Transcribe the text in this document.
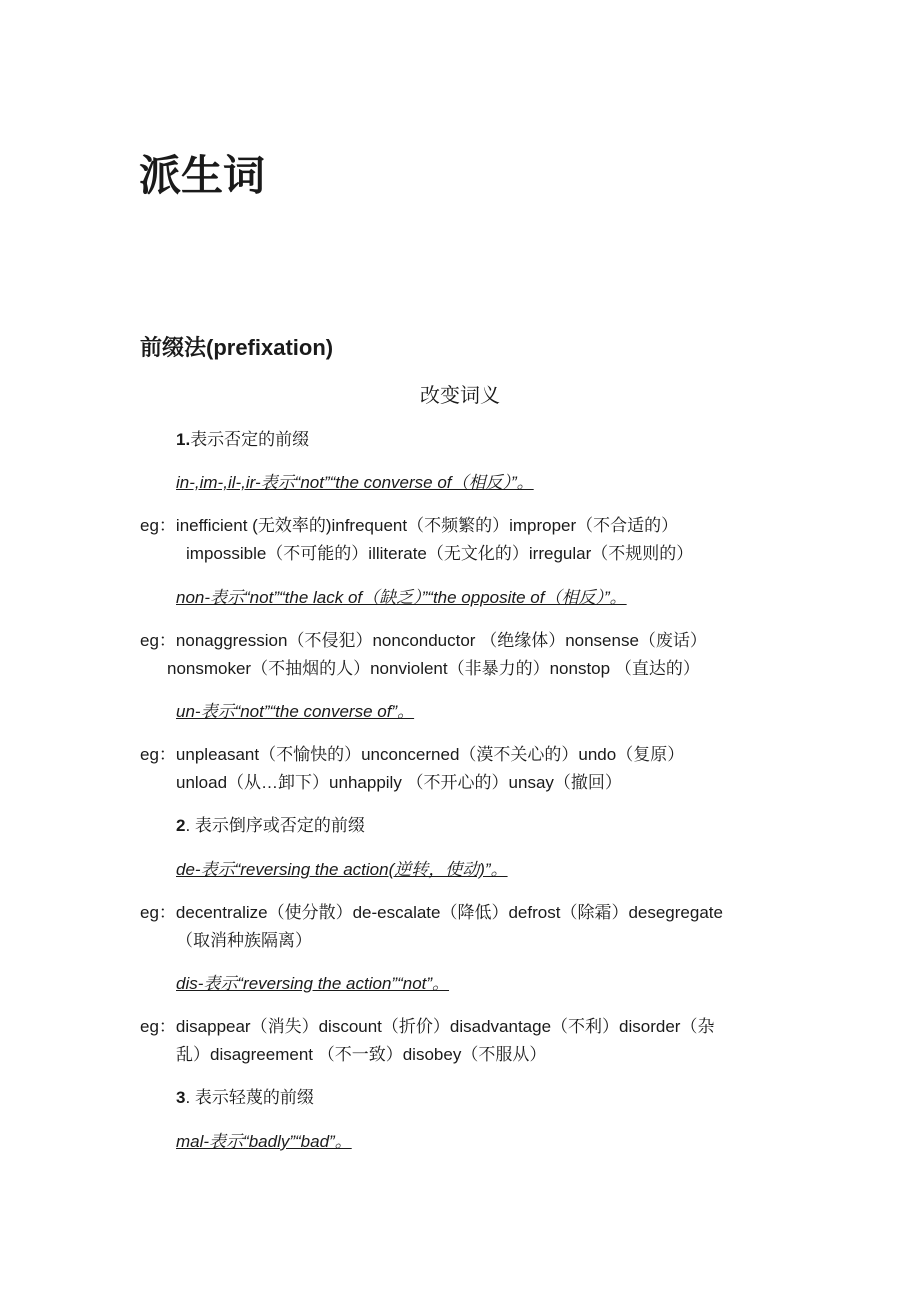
派生词
前缀法(prefixation)
改变词义
1.表示否定的前缀
in-,im-,il-,ir-表示“not”“the converse of（相反）”。
eg：inefficient (无效率的)infrequent（不频繁的）improper（不合适的）
impossible（不可能的）illiterate（无文化的）irregular（不规则的）
non-表示“not”“the lack of（缺乏）”“the opposite of（相反）”。
eg：nonaggression（不侵犯）nonconductor （绝缘体）nonsense（废话）
nonsmoker（不抽烟的人）nonviolent（非暴力的）nonstop （直达的）
un-表示“not”“the converse of”。
eg：unpleasant（不愉快的）unconcerned（漠不关心的）undo（复原）
unload（从…卸下）unhappily （不开心的）unsay（撤回）
2. 表示倒序或否定的前缀
de-表示“reversing the action(逆转，使动)”。
eg：decentralize（使分散）de-escalate（降低）defrost（除霜）desegregate
（取消种族隔离）
dis-表示“reversing the action”“not”。
eg：disappear（消失）discount（折价）disadvantage（不利）disorder（杂
乱）disagreement （不一致）disobey（不服从）
3. 表示轻蔑的前缀
mal-表示“badly”“bad”。
